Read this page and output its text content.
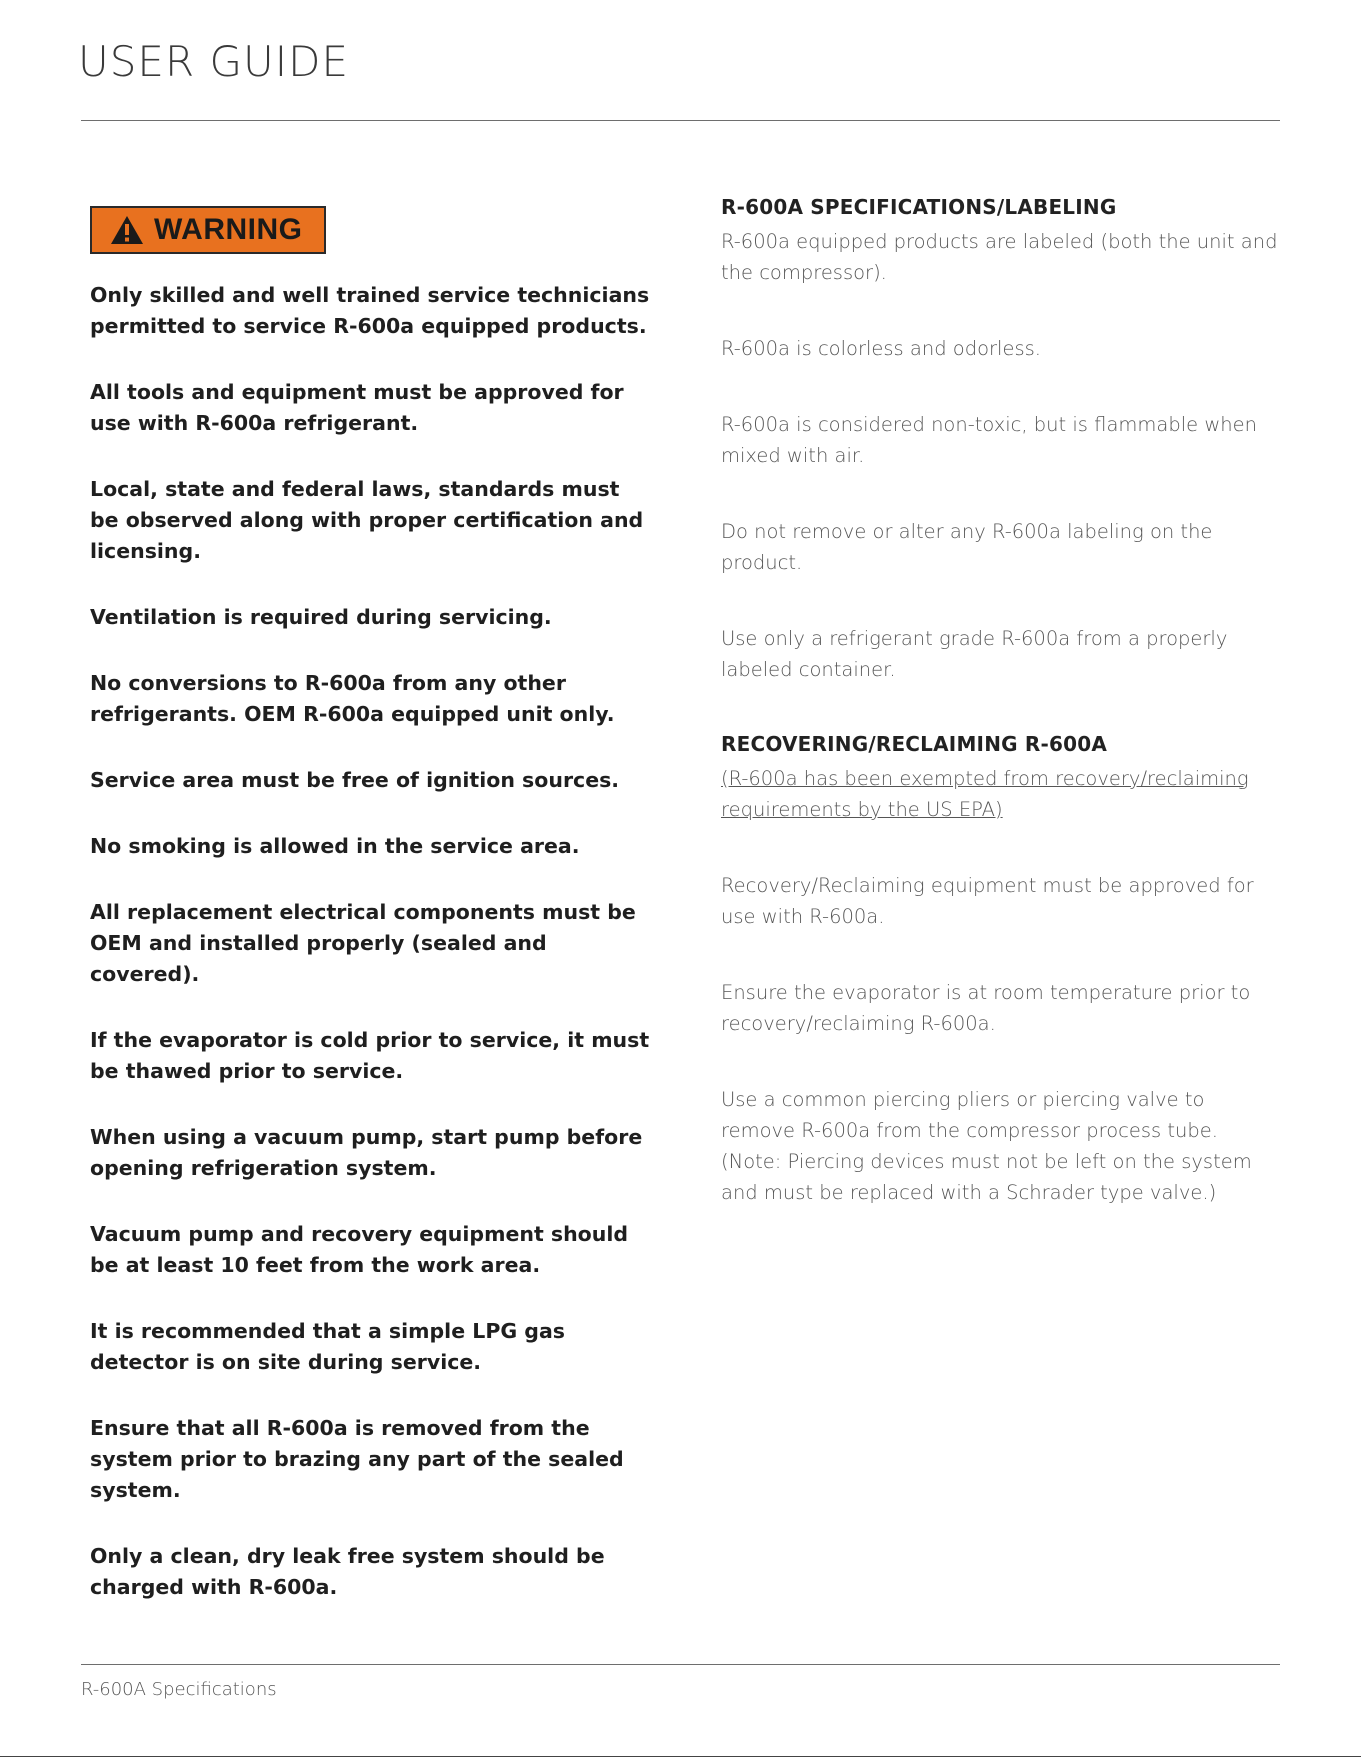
USER GUIDE
WARNING

Only skilled and well trained service technicians permitted to service R-600a equipped products.

All tools and equipment must be approved for use with R-600a refrigerant.

Local, state and federal laws, standards must be observed along with proper certification and licensing.

Ventilation is required during servicing.

No conversions to R-600a from any other refrigerants. OEM R-600a equipped unit only.

Service area must be free of ignition sources.

No smoking is allowed in the service area.

All replacement electrical components must be OEM and installed properly (sealed and covered).

If the evaporator is cold prior to service, it must be thawed prior to service.

When using a vacuum pump, start pump before opening refrigeration system.

Vacuum pump and recovery equipment should be at least 10 feet from the work area.

It is recommended that a simple LPG gas detector is on site during service.

Ensure that all R-600a is removed from the system prior to brazing any part of the sealed system.

Only a clean, dry leak free system should be charged with R-600a.

R-600A SPECIFICATIONS/LABELING

R-600a equipped products are labeled (both the unit and the compressor).

R-600a is colorless and odorless.

R-600a is considered non-toxic, but is flammable when mixed with air.

Do not remove or alter any R-600a labeling on the product.

Use only a refrigerant grade R-600a from a properly labeled container.

RECOVERING/RECLAIMING R-600A

(R-600a has been exempted from recovery/reclaiming requirements by the US EPA)

Recovery/Reclaiming equipment must be approved for use with R-600a.

Ensure the evaporator is at room temperature prior to recovery/reclaiming R-600a.

Use a common piercing pliers or piercing valve to remove R-600a from the compressor process tube. (Note: Piercing devices must not be left on the system and must be replaced with a Schrader type valve.)

R-600A Specifications
